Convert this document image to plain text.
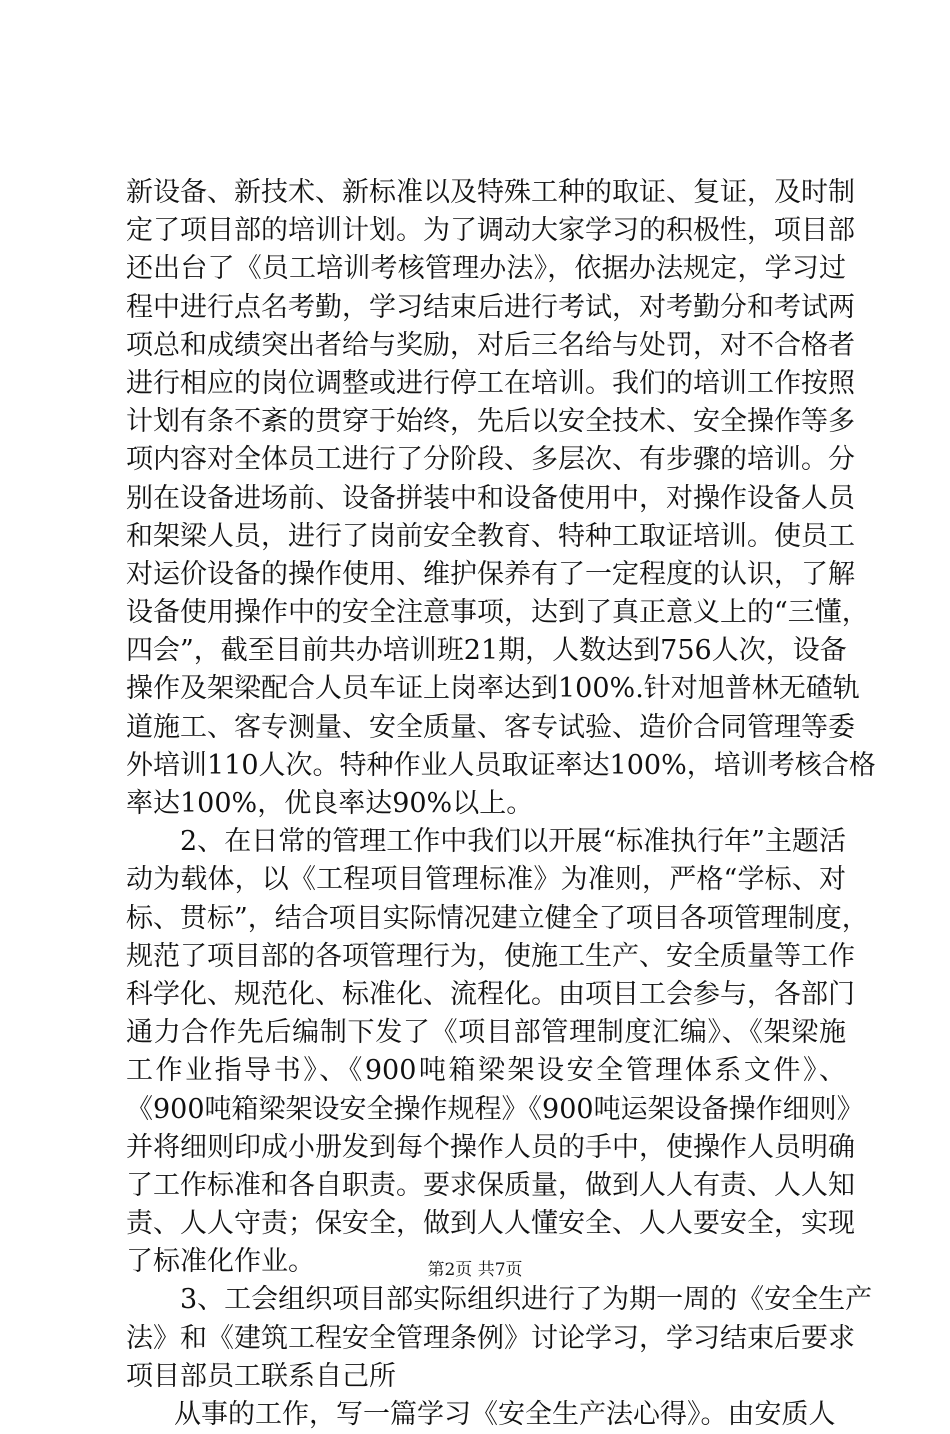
新设备、新技术、新标准以及特殊工种的取证、复证，及时制
定了项目部的培训计划。为了调动大家学习的积极性，项目部
还出台了《员工培训考核管理办法》，依据办法规定，学习过
程中进行点名考勤，学习结束后进行考试，对考勤分和考试两
项总和成绩突出者给与奖励，对后三名给与处罚，对不合格者
进行相应的岗位调整或进行停工在培训。我们的培训工作按照
计划有条不紊的贯穿于始终，先后以安全技术、安全操作等多
项内容对全体员工进行了分阶段、多层次、有步骤的培训。分
别在设备进场前、设备拼装中和设备使用中，对操作设备人员
和架梁人员，进行了岗前安全教育、特种工取证培训。使员工
对运价设备的操作使用、维护保养有了一定程度的认识，了解
设备使用操作中的安全注意事项，达到了真正意义上的“三懂，
四会”，截至目前共办培训班21期，人数达到756人次，设备
操作及架梁配合人员车证上岗率达到100%.针对旭普林无碴轨
道施工、客专测量、安全质量、客专试验、造价合同管理等委
外培训110人次。特种作业人员取证率达100%，培训考核合格
率达100%，优良率达90%以上。
2、在日常的管理工作中我们以开展“标准执行年”主题活
动为载体，以《工程项目管理标准》为准则，严格“学标、对
标、贯标”，结合项目实际情况建立健全了项目各项管理制度，
规范了项目部的各项管理行为，使施工生产、安全质量等工作
科学化、规范化、标准化、流程化。由项目工会参与，各部门
通力合作先后编制下发了《项目部管理制度汇编》、《架梁施
工作业指导书》、《900吨箱梁架设安全管理体系文件》、
《900吨箱梁架设安全操作规程》《900吨运架设备操作细则》
并将细则印成小册发到每个操作人员的手中，使操作人员明确
了工作标准和各自职责。要求保质量，做到人人有责、人人知
责、人人守责；保安全，做到人人懂安全、人人要安全，实现
了标准化作业。
3、工会组织项目部实际组织进行了为期一周的《安全生产
法》和《建筑工程安全管理条例》讨论学习，学习结束后要求
项目部员工联系自己所
从事的工作，写一篇学习《安全生产法心得》。由安质人
第2页 共7页
